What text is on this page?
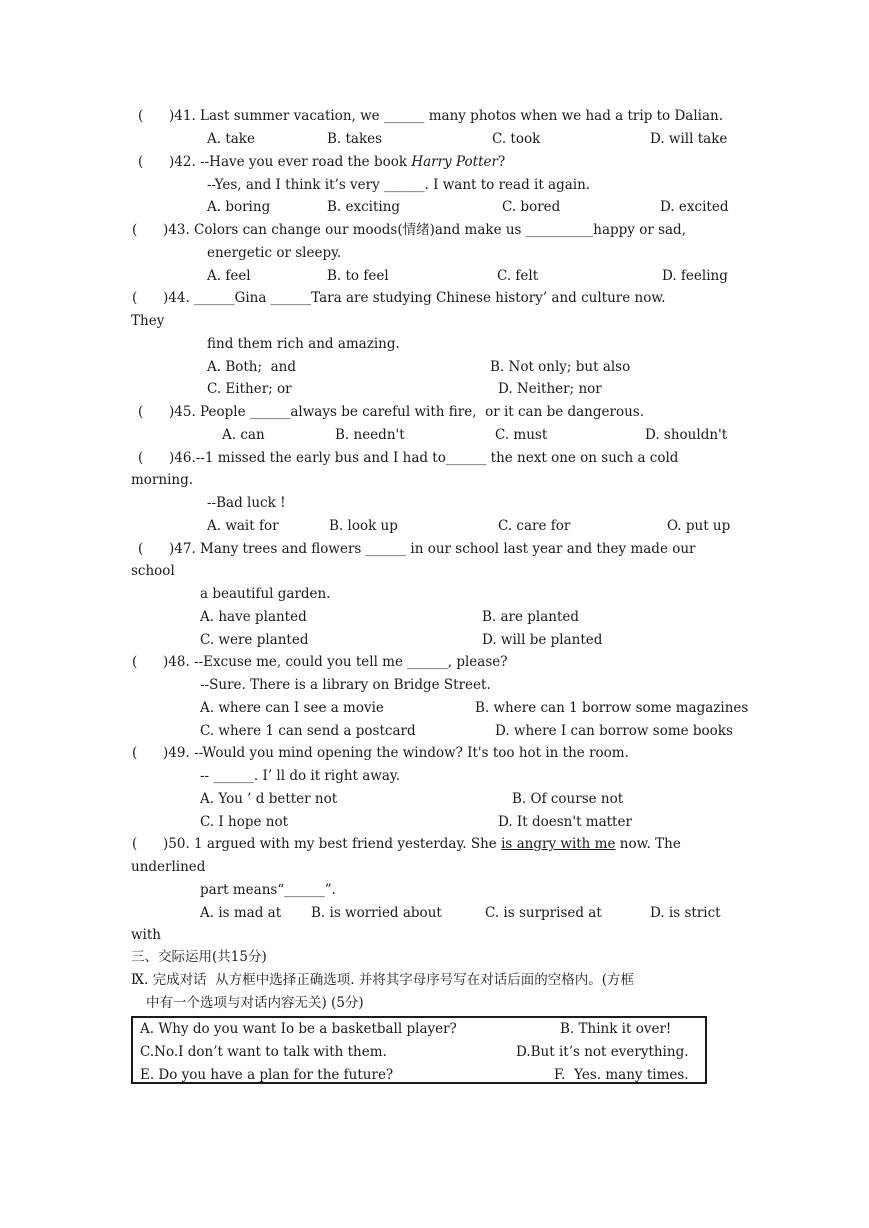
(      )41. Last summer vacation, we ______ many photos when we had a trip to Dalian.
A. take	B. takes	C. took	D. will take
(      )42. --Have you ever road the book Harry Potter?
--Yes, and I think it’s very ______. I want to read it again.
A. boring	B. exciting	C. bored	D. excited
(      )43. Colors can change our moods(情绪)and make us __________happy or sad,
energetic or sleepy.
A. feel	B. to feel	C. felt	D. feeling
(      )44. ______Gina ______Tara are studying Chinese history’ and culture now.
They
find them rich and amazing.
A. Both;  and	B. Not only; but also
C. Either; or	D. Neither; nor
(      )45. People ______always be careful with fire,  or it can be dangerous.
A. can	B. needn't	C. must	D. shouldn't
(      )46.--1 missed the early bus and I had to______ the next one on such a cold
morning.
--Bad luck !
A. wait for	B. look up	C. care for	O. put up
(      )47. Many trees and flowers ______ in our school last year and they made our
school
a beautiful garden.
A. have planted	B. are planted
C. were planted	D. will be planted
(      )48. --Excuse me, could you tell me ______, please?
--Sure. There is a library on Bridge Street.
A. where can I see a movie	B. where can 1 borrow some magazines
C. where 1 can send a postcard	D. where I can borrow some books
(      )49. --Would you mind opening the window? It's too hot in the room.
-- ______. I’ ll do it right away.
A. You ’ d better not	B. Of course not
C. I hope not	D. It doesn't matter
(      )50. 1 argued with my best friend yesterday. She is angry with me now. The
underlined
part means“______”.
A. is mad at B. is worried about	C. is surprised at	D. is strict
with
三、交际运用(共15分)
Ⅸ. 完成对话  从方框中选择正确选项. 并将其字母序号写在对话后面的空格内。(方框
中有一个选项与对话内容无关) (5分)
A. Why do you want Io be a basketball player?	B. Think it over!
C.No.I don’t want to talk with them.	D.But it’s not everything.
E. Do you have a plan for the future?	F.  Yes. many times.
